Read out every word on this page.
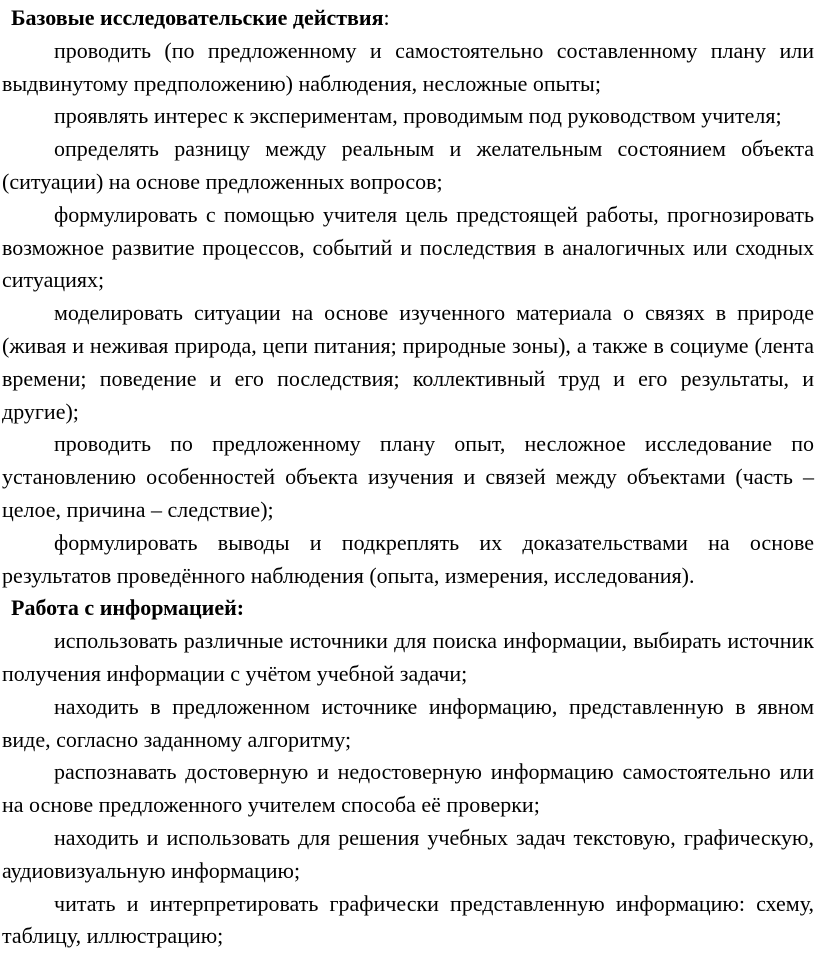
Базовые исследовательские действия:

проводить (по предложенному и самостоятельно составленному плану или выдвинутому предположению) наблюдения, несложные опыты;

проявлять интерес к экспериментам, проводимым под руководством учителя;

определять разницу между реальным и желательным состоянием объекта (ситуации) на основе предложенных вопросов;

формулировать с помощью учителя цель предстоящей работы, прогнозировать возможное развитие процессов, событий и последствия в аналогичных или сходных ситуациях;

моделировать ситуации на основе изученного материала о связях в природе (живая и неживая природа, цепи питания; природные зоны), а также в социуме (лента времени; поведение и его последствия; коллективный труд и его результаты, и другие);

проводить по предложенному плану опыт, несложное исследование по установлению особенностей объекта изучения и связей между объектами (часть – целое, причина – следствие);

формулировать выводы и подкреплять их доказательствами на основе результатов проведённого наблюдения (опыта, измерения, исследования).

Работа с информацией:

использовать различные источники для поиска информации, выбирать источник получения информации с учётом учебной задачи;

находить в предложенном источнике информацию, представленную в явном виде, согласно заданному алгоритму;

распознавать достоверную и недостоверную информацию самостоятельно или на основе предложенного учителем способа её проверки;

находить и использовать для решения учебных задач текстовую, графическую, аудиовизуальную информацию;

читать и интерпретировать графически представленную информацию: схему, таблицу, иллюстрацию;
